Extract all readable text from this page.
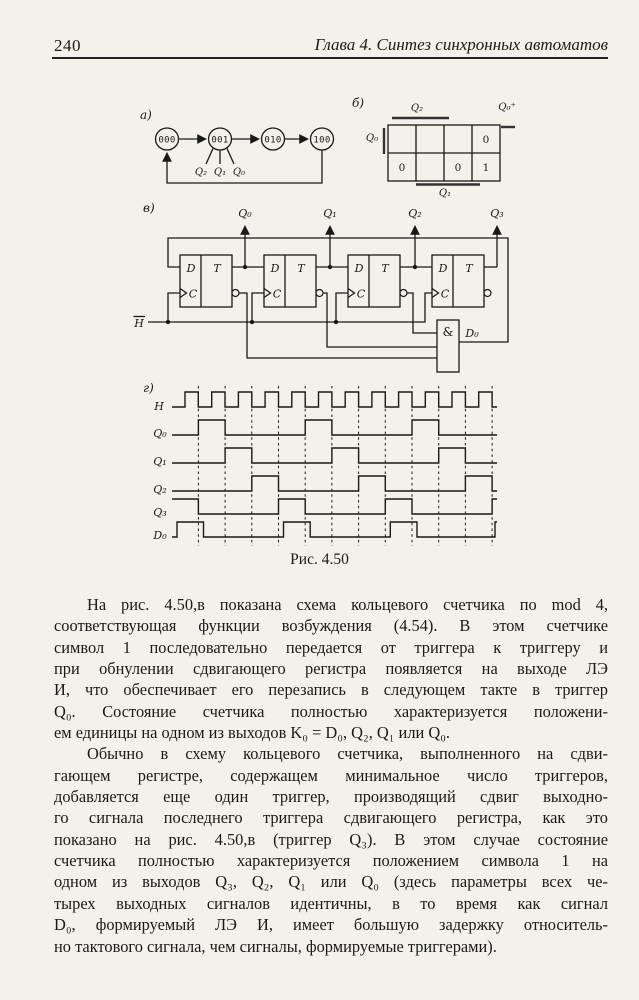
240	Глава 4. Синтез синхронных автоматов
а)
000	001	010	100
Q₂ Q₁ Q₀
б)	Q₂	Q₀⁺
Q₀
Q₁
0
0	0 1
в)
D
C
T	D
C
T	D
C
T	D
C
T
Q₀	Q₁	Q₂	Q₃
Н
& D₀
г)
Н
Q₀
Q₁
Q₂
Q₃
D₀
Рис. 4.50
На рис. 4.50,в показана схема кольцевого счетчика по mod 4,
соответствующая функции возбуждения (4.54). В этом счетчике
символ 1 последовательно передается от триггера к триггеру и
при обнулении сдвигающего регистра появляется на выходе ЛЭ
И, что обеспечивает его перезапись в следующем такте в триггер
Q₀. Состояние счетчика полностью характеризуется положени-
ем единицы на одном из выходов K₀ = D₀, Q₂, Q₁ или Q₀.
Обычно в схему кольцевого счетчика, выполненного на сдви-
гающем регистре, содержащем минимальное число триггеров,
добавляется еще один триггер, производящий сдвиг выходно-
го сигнала последнего триггера сдвигающего регистра, как это
показано на рис. 4.50,в (триггер Q₃). В этом случае состояние
счетчика полностью характеризуется положением символа 1 на
одном из выходов Q₃, Q₂, Q₁ или Q₀ (здесь параметры всех че-
тырех выходных сигналов идентичны, в то время как сигнал
D₀, формируемый ЛЭ И, имеет большую задержку относитель-
но тактового сигнала, чем сигналы, формируемые триггерами).
